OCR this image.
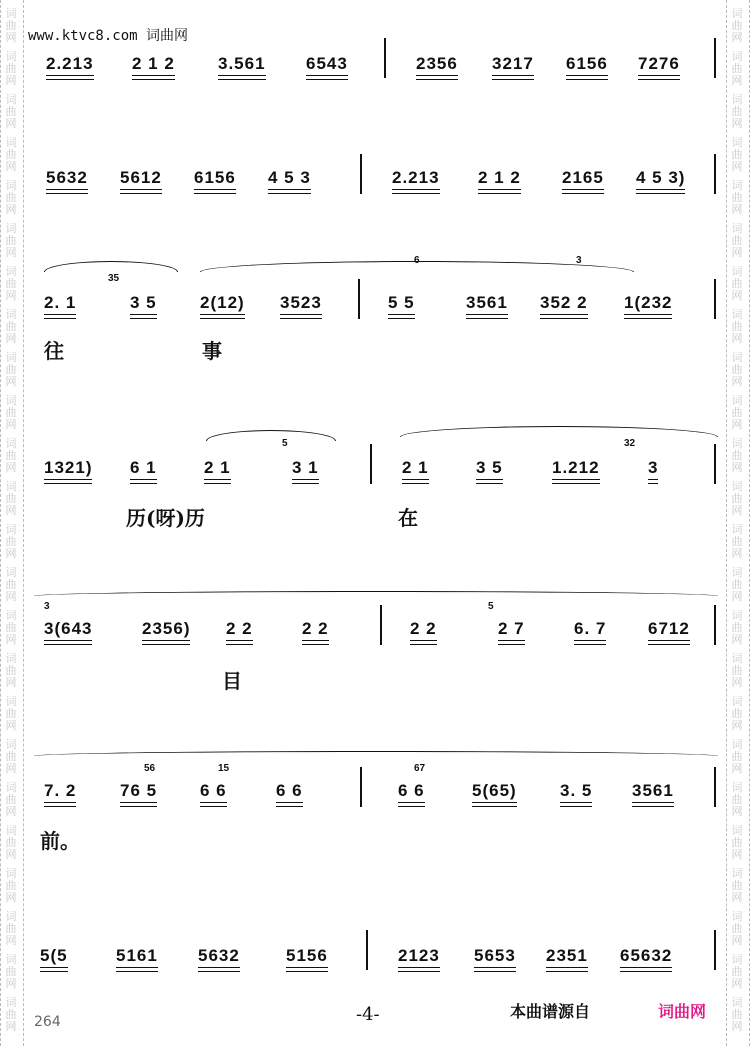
词
曲
网
词
曲
网
词
曲
网
词
曲
网
词
曲
网
词
曲
网
词
曲
网
词
曲
网
词
曲
网
词
曲
网
词
曲
网
词
曲
网
词
曲
网
词
曲
网
词
曲
网
词
曲
网
词
曲
网
词
曲
网
词
曲
网
词
曲
网
词
曲
网
词
曲
网
词
曲
网
词
曲
网
词
曲
网
词
曲
网
词
曲
网
词
曲
网
词
曲
网
词
曲
网
词
曲
网
词
曲
网
词
曲
网
词
曲
网
词
曲
网
词
曲
网
词
曲
网
词
曲
网
词
曲
网
词
曲
网
词
曲
网
词
曲
网
词
曲
网
词
曲
网
词
曲
网
词
曲
网
词
曲
网
词
曲
网
www.ktvc8.com 词曲网
2.213 2 1 2	3.561 6543	2356 3217 6156 7276
5632 5612 6156 4 5 3	2.213 2 1 2 2165 4 5 3)
35
6	3
2. 1	3 5	2(12) 3523	5 5	3561 352 2 1(232
往	事
5	32
1321) 6 1	2 1	3 1	2 1	3 5	1.212	3
历(呀)历	在
3	5
3(643	2356) 2 2	2 2	2 2	2 7	6. 7 6712
目
56	15	67
7. 2	76 5	6 6	6 6	6 6	5(65)	3. 5 3561
前。
5(5	5161 5632	5156	2123 5653 2351 65632
264	-4-	本曲谱源自	词曲网
